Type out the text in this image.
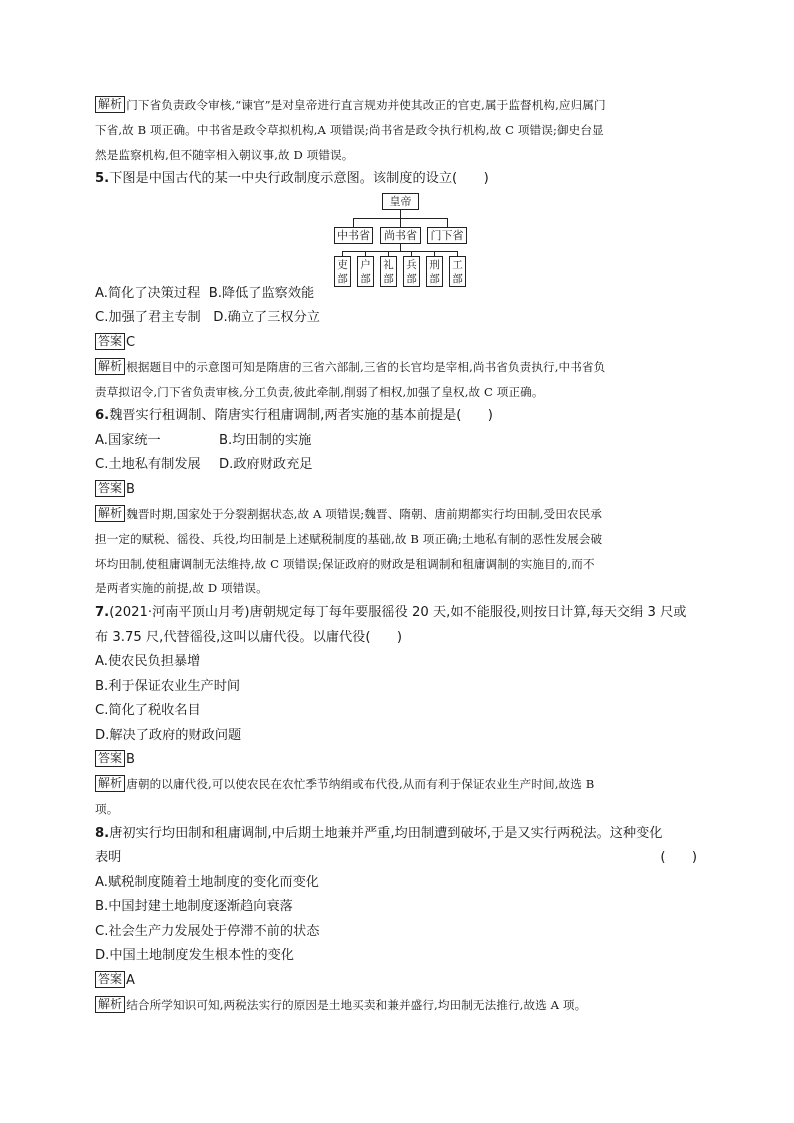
解析 门下省负责政令审核,“谏官”是对皇帝进行直言规劝并使其改正的官吏,属于监督机构,应归属门
下省,故 B 项正确。中书省是政令草拟机构,A 项错误;尚书省是政令执行机构,故 C 项错误;御史台显
然是监察机构,但不随宰相入朝议事,故 D 项错误。
5.下图是中国古代的某一中央行政制度示意图。该制度的设立(　　)
皇帝
中书省	尚书省	门下省
吏
部
户
部
礼
部
兵
部
刑
部
工
部
A.简化了决策过程 B.降低了监察效能
C.加强了君主专制 D.确立了三权分立
答案 C
解析 根据题目中的示意图可知是隋唐的三省六部制,三省的长官均是宰相,尚书省负责执行,中书省负
责草拟诏令,门下省负责审核,分工负责,彼此牵制,削弱了相权,加强了皇权,故 C 项正确。
6.魏晋实行租调制、隋唐实行租庸调制,两者实施的基本前提是(　　)
A.国家统一	B.均田制的实施
C.土地私有制发展 D.政府财政充足
答案 B
解析 魏晋时期,国家处于分裂割据状态,故 A 项错误;魏晋、隋朝、唐前期都实行均田制,受田农民承
担一定的赋税、徭役、兵役,均田制是上述赋税制度的基础,故 B 项正确;土地私有制的恶性发展会破
坏均田制,使租庸调制无法维持,故 C 项错误;保证政府的财政是租调制和租庸调制的实施目的,而不
是两者实施的前提,故 D 项错误。
7.(2021·河南平顶山月考)唐朝规定每丁每年要服徭役 20 天,如不能服役,则按日计算,每天交绢 3 尺或
布 3.75 尺,代替徭役,这叫以庸代役。以庸代役(　　)
A.使农民负担暴增
B.利于保证农业生产时间
C.简化了税收名目
D.解决了政府的财政问题
答案 B
解析 唐朝的以庸代役,可以使农民在农忙季节纳绢或布代役,从而有利于保证农业生产时间,故选 B
项。
8.唐初实行均田制和租庸调制,中后期土地兼并严重,均田制遭到破坏,于是又实行两税法。这种变化
表明	(　　)
A.赋税制度随着土地制度的变化而变化
B.中国封建土地制度逐渐趋向衰落
C.社会生产力发展处于停滞不前的状态
D.中国土地制度发生根本性的变化
答案 A
解析 结合所学知识可知,两税法实行的原因是土地买卖和兼并盛行,均田制无法推行,故选 A 项。
